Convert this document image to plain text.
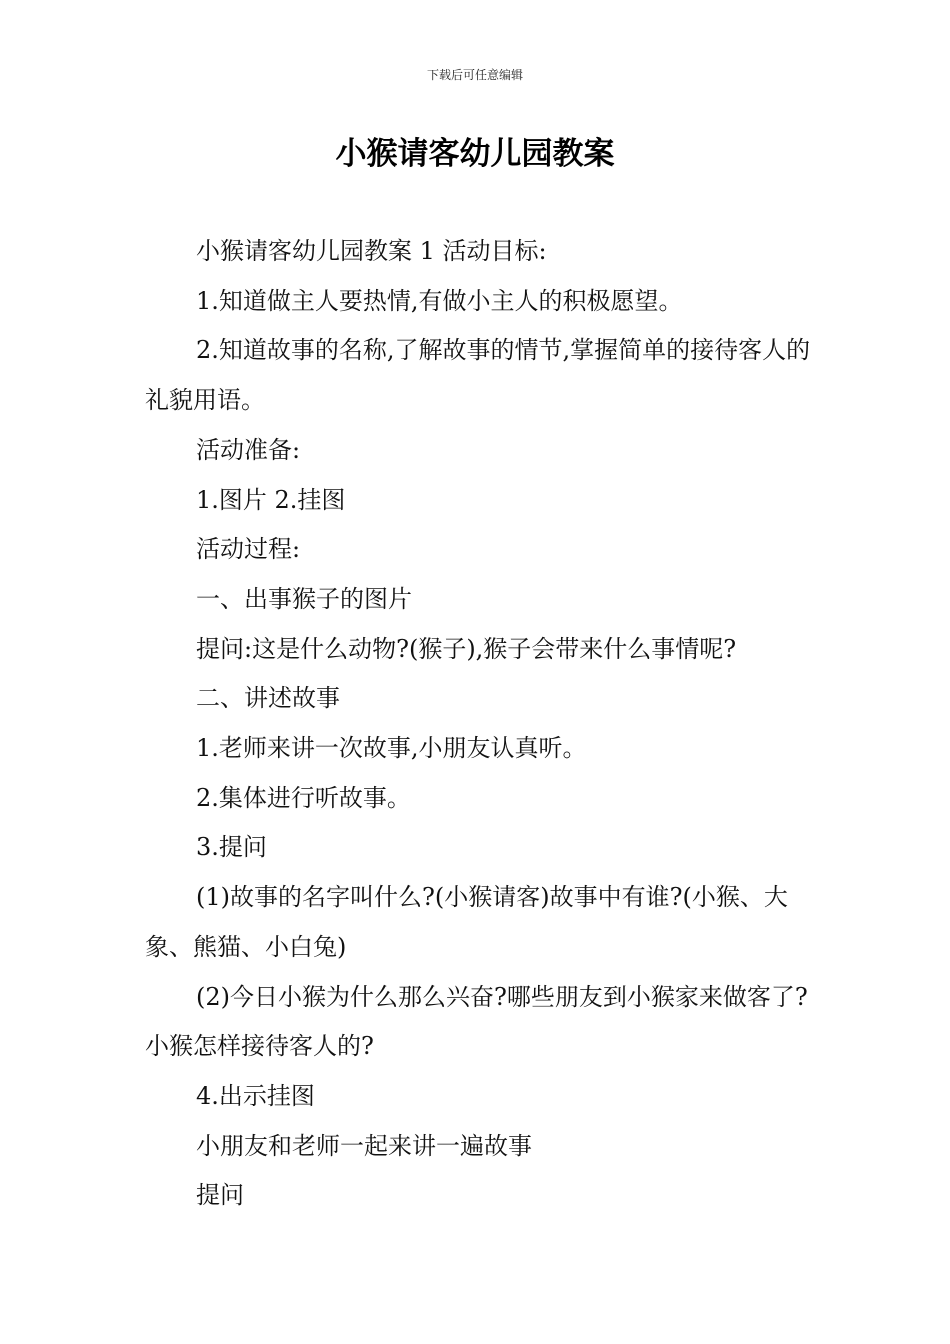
下载后可任意编辑
小猴请客幼儿园教案

小猴请客幼儿园教案 1 活动目标:

1.知道做主人要热情,有做小主人的积极愿望。

2.知道故事的名称,了解故事的情节,掌握简单的接待客人的礼貌用语。

活动准备:

1.图片 2.挂图

活动过程:

一、出事猴子的图片

提问:这是什么动物?(猴子),猴子会带来什么事情呢?

二、讲述故事

1.老师来讲一次故事,小朋友认真听。

2.集体进行听故事。

3.提问

(1)故事的名字叫什么?(小猴请客)故事中有谁?(小猴、大象、熊猫、小白兔)

(2)今日小猴为什么那么兴奋?哪些朋友到小猴家来做客了?小猴怎样接待客人的?

4.出示挂图

小朋友和老师一起来讲一遍故事

提问
